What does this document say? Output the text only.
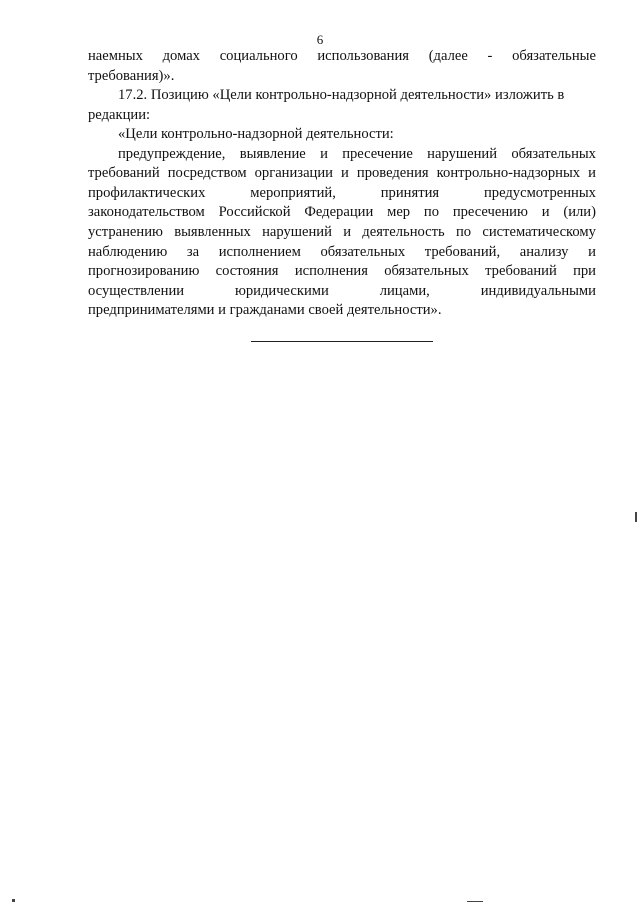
6
наемных домах социального использования (далее - обязательные
требования)».
17.2. Позицию «Цели контрольно-надзорной деятельности» изложить в
редакции:
«Цели контрольно-надзорной деятельности:
предупреждение, выявление и пресечение нарушений обязательных
требований посредством организации и проведения контрольно-надзорных и
профилактических	мероприятий,	принятия	предусмотренных
законодательством Российской Федерации мер по пресечению и (или)
устранению выявленных нарушений и деятельность по систематическому
наблюдению за исполнением обязательных требований, анализу и
прогнозированию состояния исполнения обязательных требований при
осуществлении	юридическими	лицами,	индивидуальными
предпринимателями и гражданами своей деятельности».
